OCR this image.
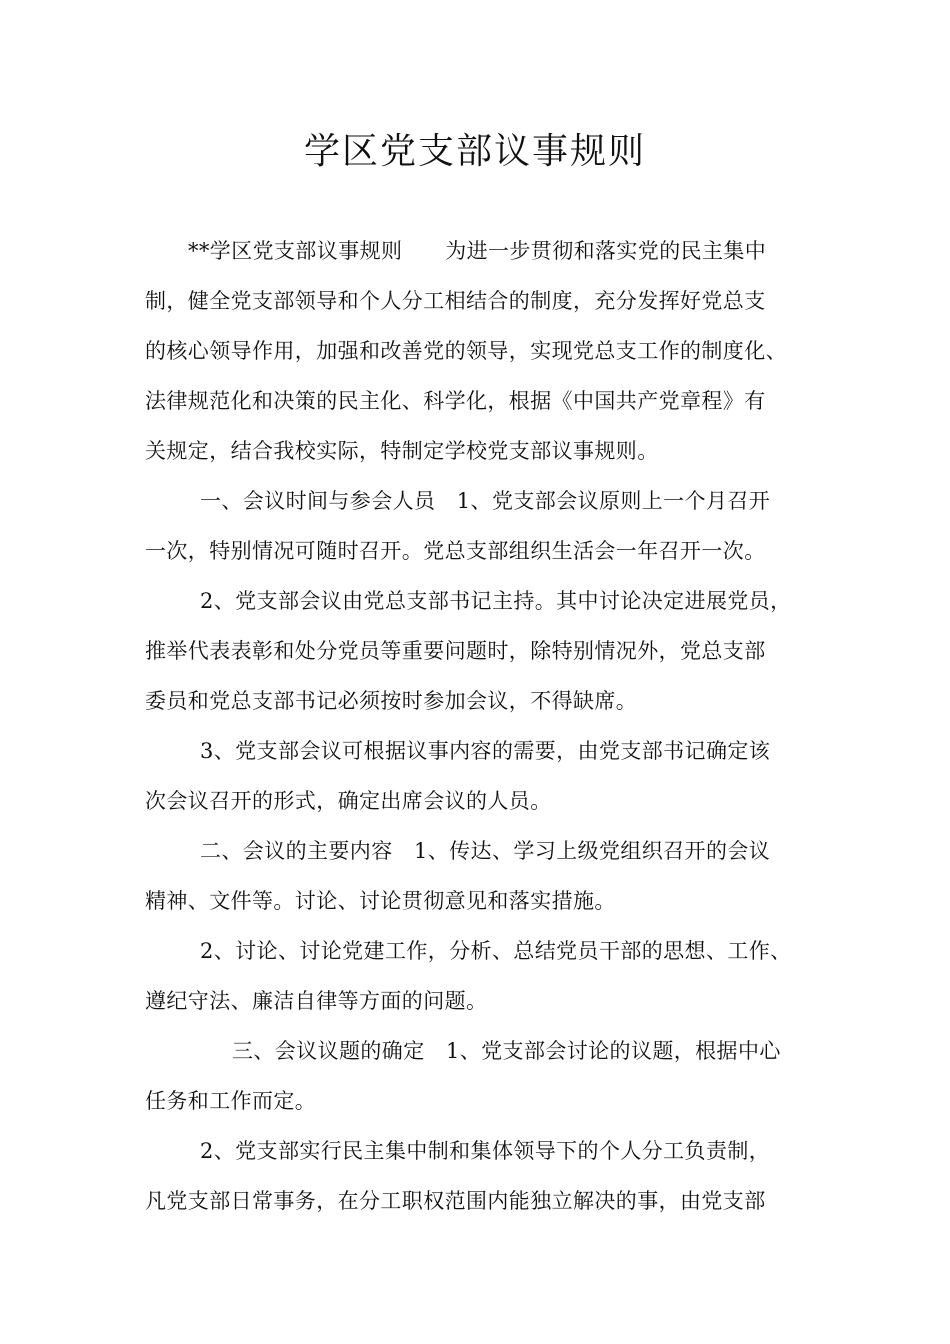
学区党支部议事规则
**学区党支部议事规则　　为进一步贯彻和落实党的民主集中
制，健全党支部领导和个人分工相结合的制度，充分发挥好党总支
的核心领导作用，加强和改善党的领导，实现党总支工作的制度化、
法律规范化和决策的民主化、科学化，根据《中国共产党章程》有
关规定，结合我校实际，特制定学校党支部议事规则。
一、会议时间与参会人员　1、党支部会议原则上一个月召开
一次，特别情况可随时召开。党总支部组织生活会一年召开一次。
2、党支部会议由党总支部书记主持。其中讨论决定进展党员，
推举代表表彰和处分党员等重要问题时，除特别情况外，党总支部
委员和党总支部书记必须按时参加会议，不得缺席。
3、党支部会议可根据议事内容的需要，由党支部书记确定该
次会议召开的形式，确定出席会议的人员。
二、会议的主要内容　1、传达、学习上级党组织召开的会议
精神、文件等。讨论、讨论贯彻意见和落实措施。
2、讨论、讨论党建工作，分析、总结党员干部的思想、工作、
遵纪守法、廉洁自律等方面的问题。
三、会议议题的确定　1、党支部会讨论的议题，根据中心
任务和工作而定。
2、党支部实行民主集中制和集体领导下的个人分工负责制，
凡党支部日常事务，在分工职权范围内能独立解决的事，由党支部
